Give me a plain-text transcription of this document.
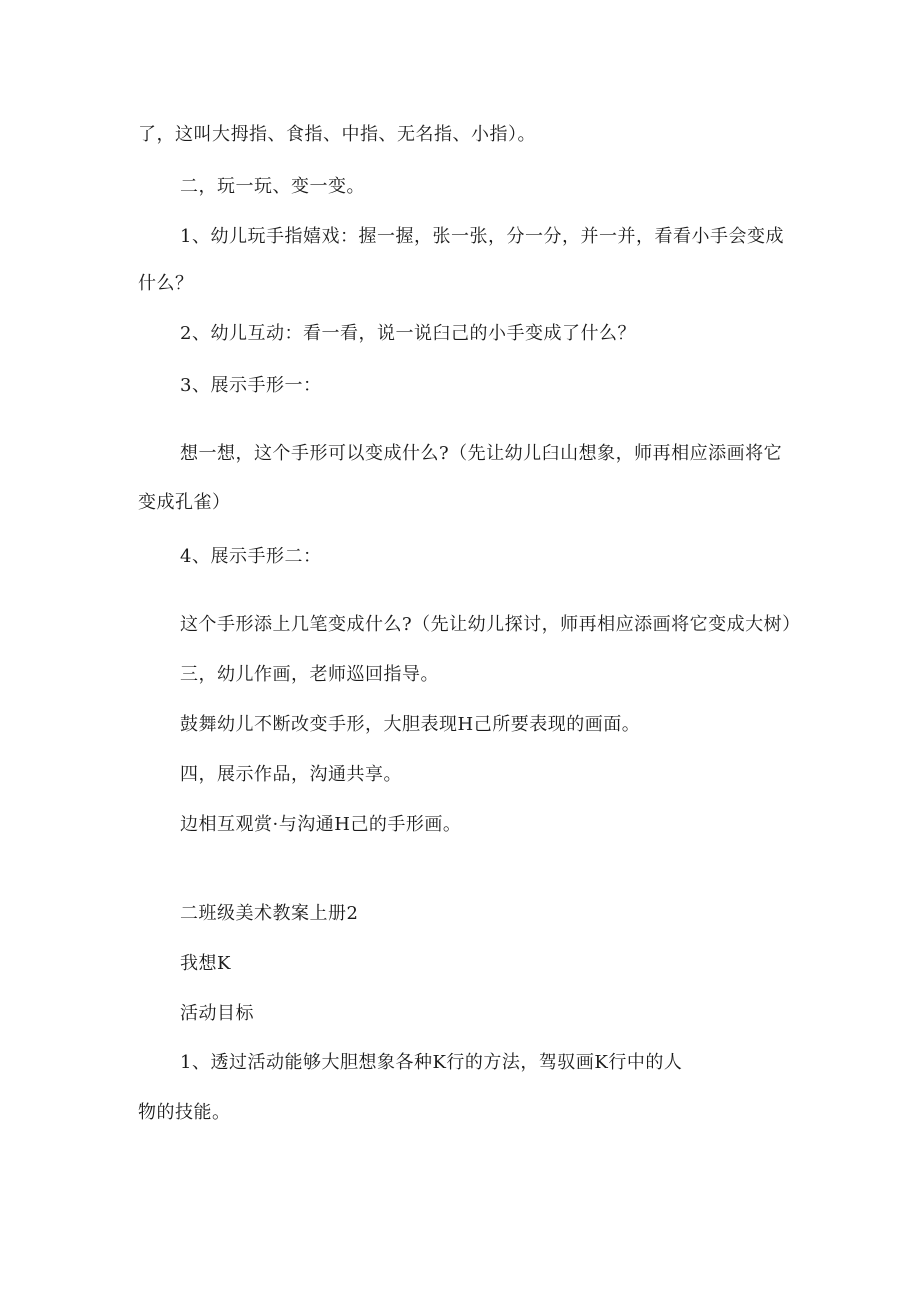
了，这叫大拇指、食指、中指、无名指、小指）。
二，玩一玩、变一变。
1、幼儿玩手指嬉戏：握一握，张一张，分一分，并一并，看看小手会变成
什么？
2、幼儿互动：看一看，说一说臼己的小手变成了什么？
3、展示手形一：
想一想，这个手形可以变成什么?（先让幼儿臼山想象，师再相应添画将它
变成孔雀）
4、展示手形二：
这个手形添上几笔变成什么?（先让幼儿探讨，师再相应添画将它变成大树）
三，幼儿作画，老师巡回指导。
鼓舞幼儿不断改变手形，大胆表现H己所要表现的画面。
四，展示作品，沟通共享。
边相互观赏·与沟通H己的手形画。
二班级美术教案上册2
我想K
活动目标
1、透过活动能够大胆想象各种K行的方法，驾驭画K行中的人
物的技能。
